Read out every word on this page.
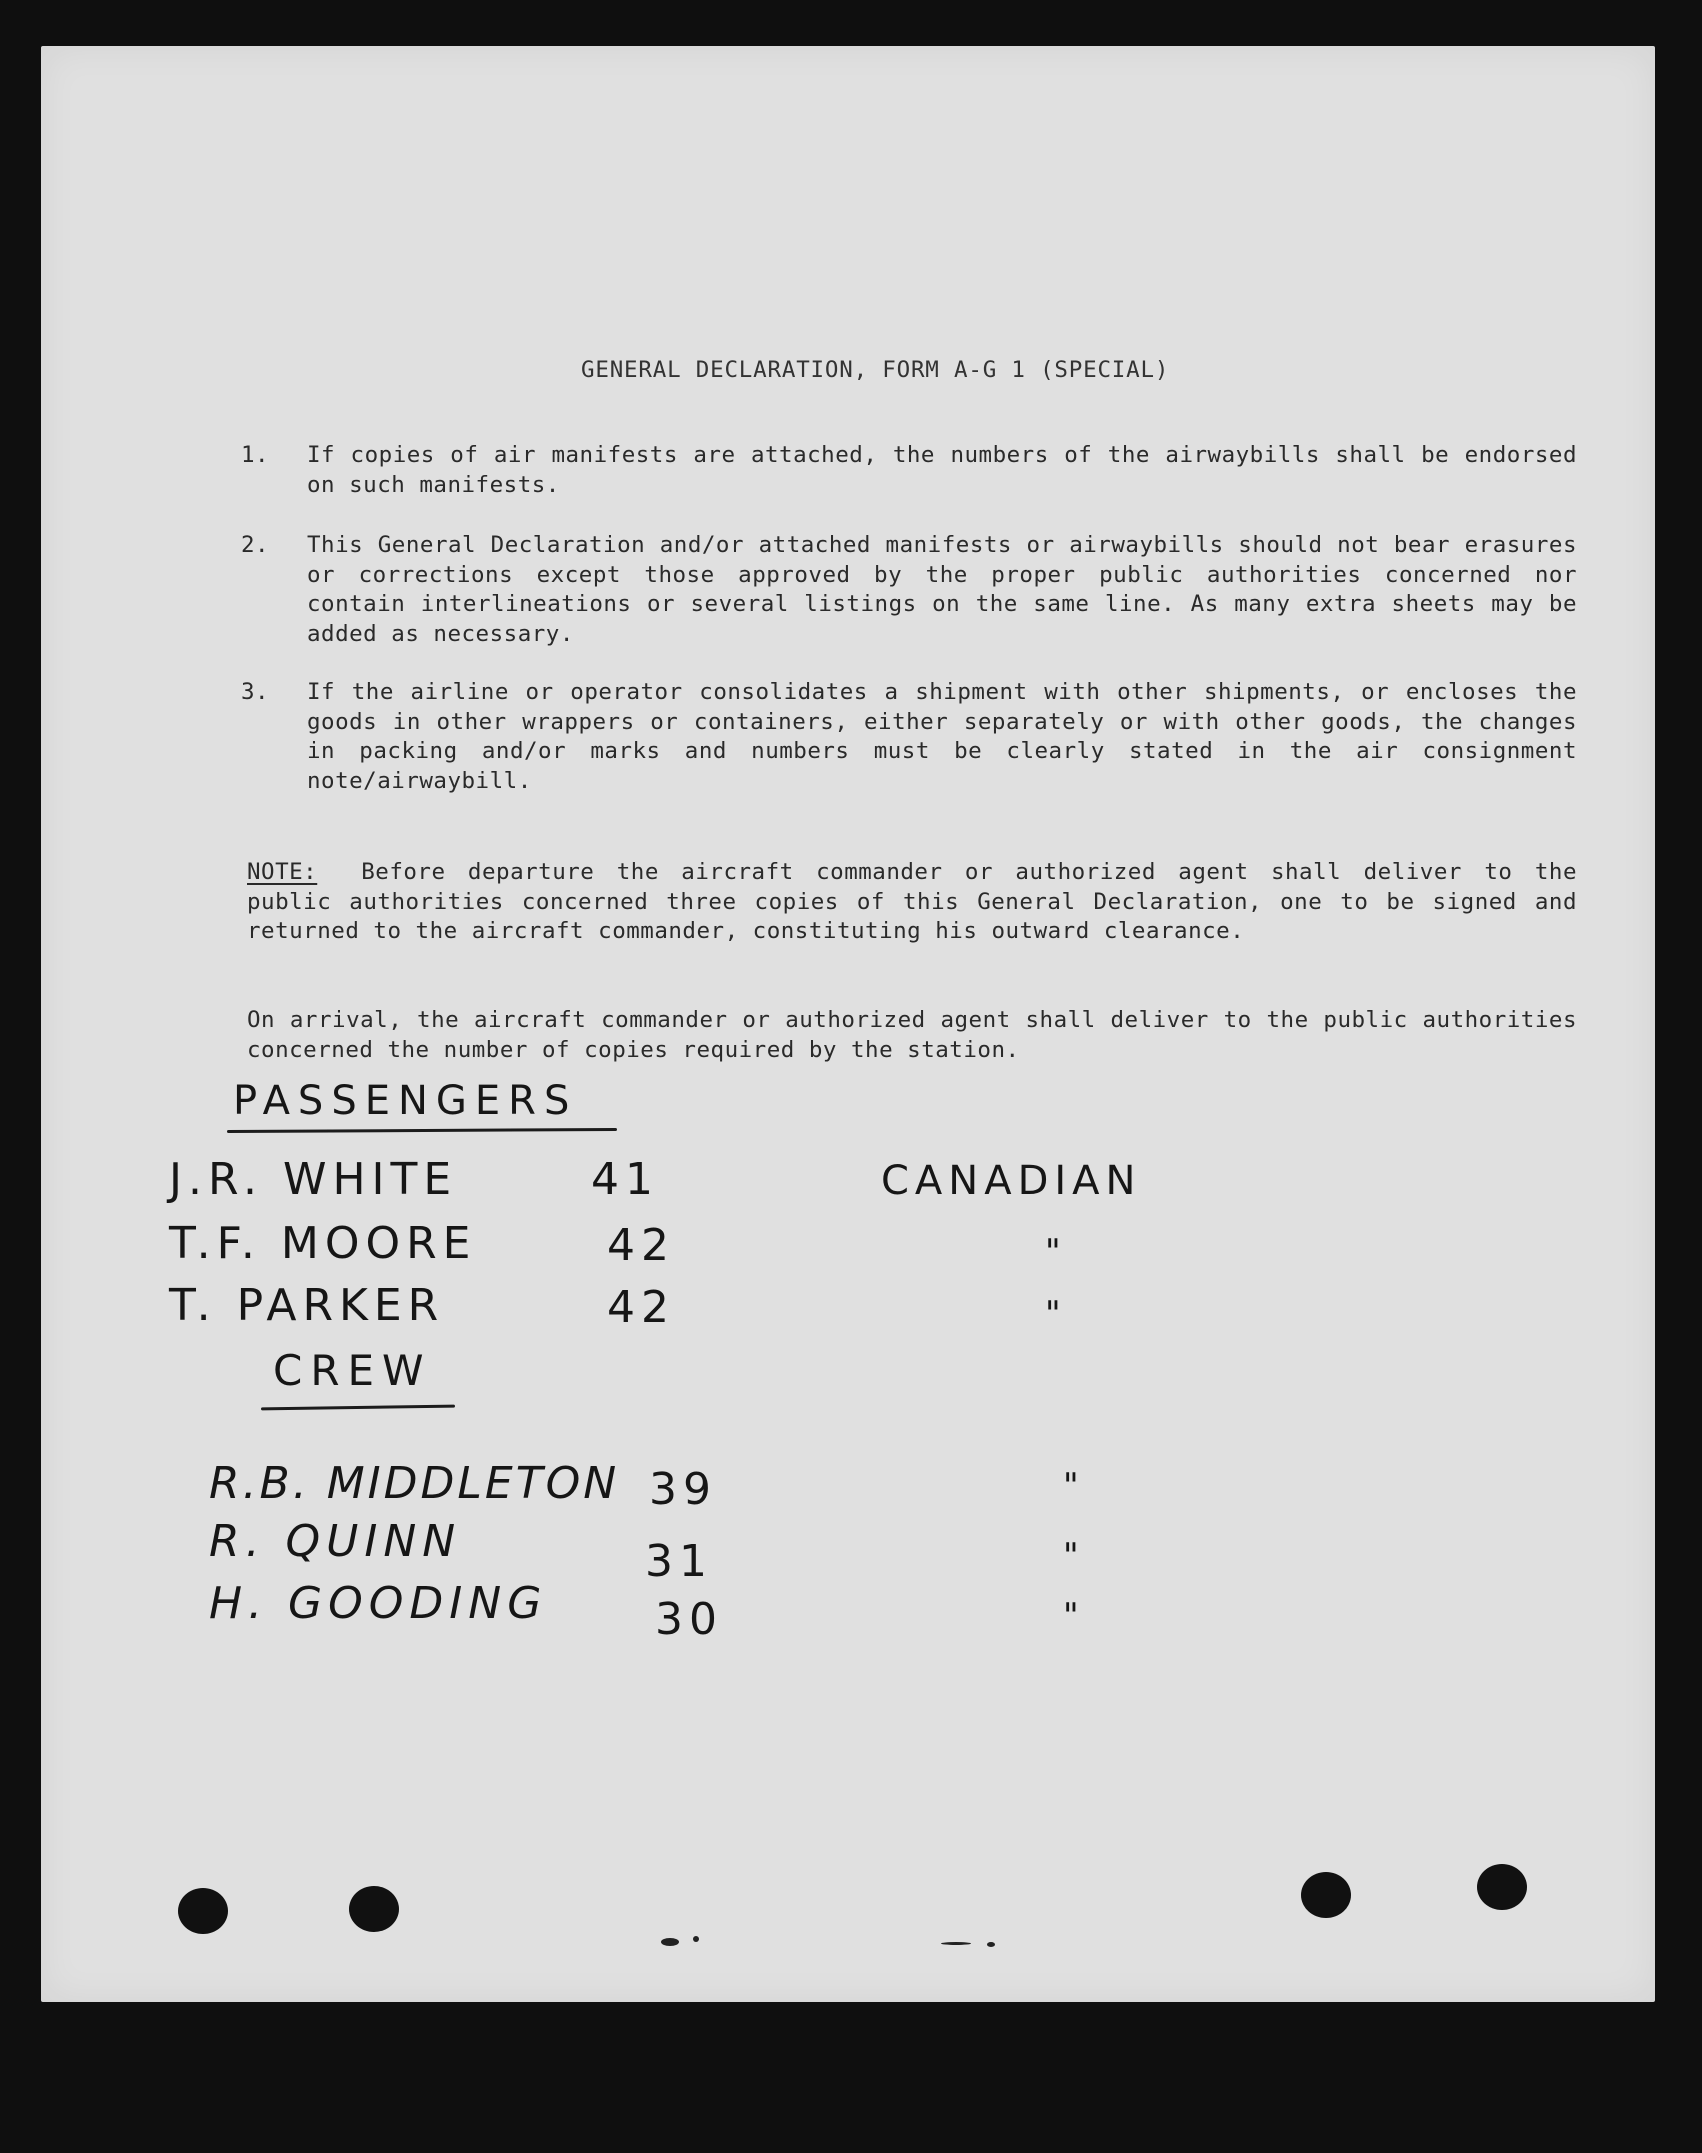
GENERAL DECLARATION, FORM A-G 1 (SPECIAL)
1.	If copies of air manifests are attached, the numbers of the airwaybills shall be endorsed on such manifests.
2.	This General Declaration and/or attached manifests or airwaybills should not bear erasures or corrections except those approved by the proper public authorities concerned nor contain interlineations or several listings on the same line. As many extra sheets may be added as necessary.
3.	If the airline or operator consolidates a shipment with other shipments, or encloses the goods in other wrappers or containers, either separately or with other goods, the changes in packing and/or marks and numbers must be clearly stated in the air consignment note/airwaybill.
NOTE: Before departure the aircraft commander or authorized agent shall deliver to the public authorities concerned three copies of this General Declaration, one to be signed and returned to the aircraft commander, constituting his outward clearance.
On arrival, the aircraft commander or authorized agent shall deliver to the public authorities concerned the number of copies required by the station.
PASSENGERS
J.R. WHITE	41	CANADIAN
T.F. MOORE	42	"
T. PARKER	42	"
CREW
R.B. MIDDLETON 39	"
R. QUINN	31	"
H. GOODING 30	"
